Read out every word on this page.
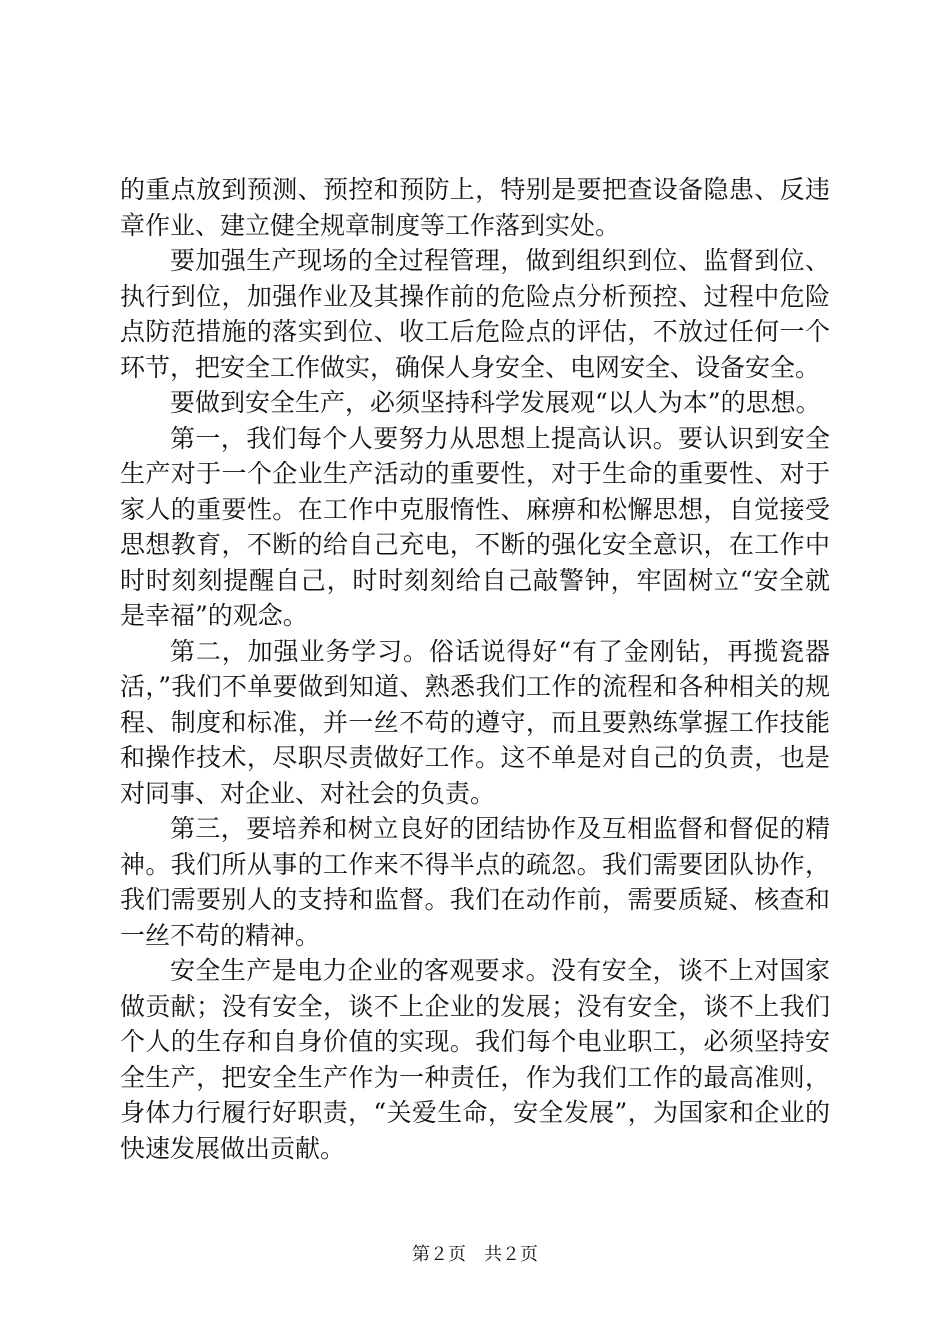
的重点放到预测、预控和预防上，特别是要把查设备隐患、反违章作业、建立健全规章制度等工作落到实处。

要加强生产现场的全过程管理，做到组织到位、监督到位、执行到位，加强作业及其操作前的危险点分析预控、过程中危险点防范措施的落实到位、收工后危险点的评估，不放过任何一个环节，把安全工作做实，确保人身安全、电网安全、设备安全。

要做到安全生产，必须坚持科学发展观“以人为本”的思想。

第一，我们每个人要努力从思想上提高认识。要认识到安全生产对于一个企业生产活动的重要性，对于生命的重要性、对于家人的重要性。在工作中克服惰性、麻痹和松懈思想，自觉接受思想教育，不断的给自己充电，不断的强化安全意识，在工作中时时刻刻提醒自己，时时刻刻给自己敲警钟，牢固树立“安全就是幸福”的观念。

第二，加强业务学习。俗话说得好“有了金刚钻，再揽瓷器活，”我们不单要做到知道、熟悉我们工作的流程和各种相关的规程、制度和标准，并一丝不苟的遵守，而且要熟练掌握工作技能和操作技术，尽职尽责做好工作。这不单是对自己的负责，也是对同事、对企业、对社会的负责。

第三，要培养和树立良好的团结协作及互相监督和督促的精神。我们所从事的工作来不得半点的疏忽。我们需要团队协作，我们需要别人的支持和监督。我们在动作前，需要质疑、核查和一丝不苟的精神。

安全生产是电力企业的客观要求。没有安全，谈不上对国家做贡献；没有安全，谈不上企业的发展；没有安全，谈不上我们个人的生存和自身价值的实现。我们每个电业职工，必须坚持安全生产，把安全生产作为一种责任，作为我们工作的最高准则，身体力行履行好职责，“关爱生命，安全发展”，为国家和企业的快速发展做出贡献。

第２页　共２页
